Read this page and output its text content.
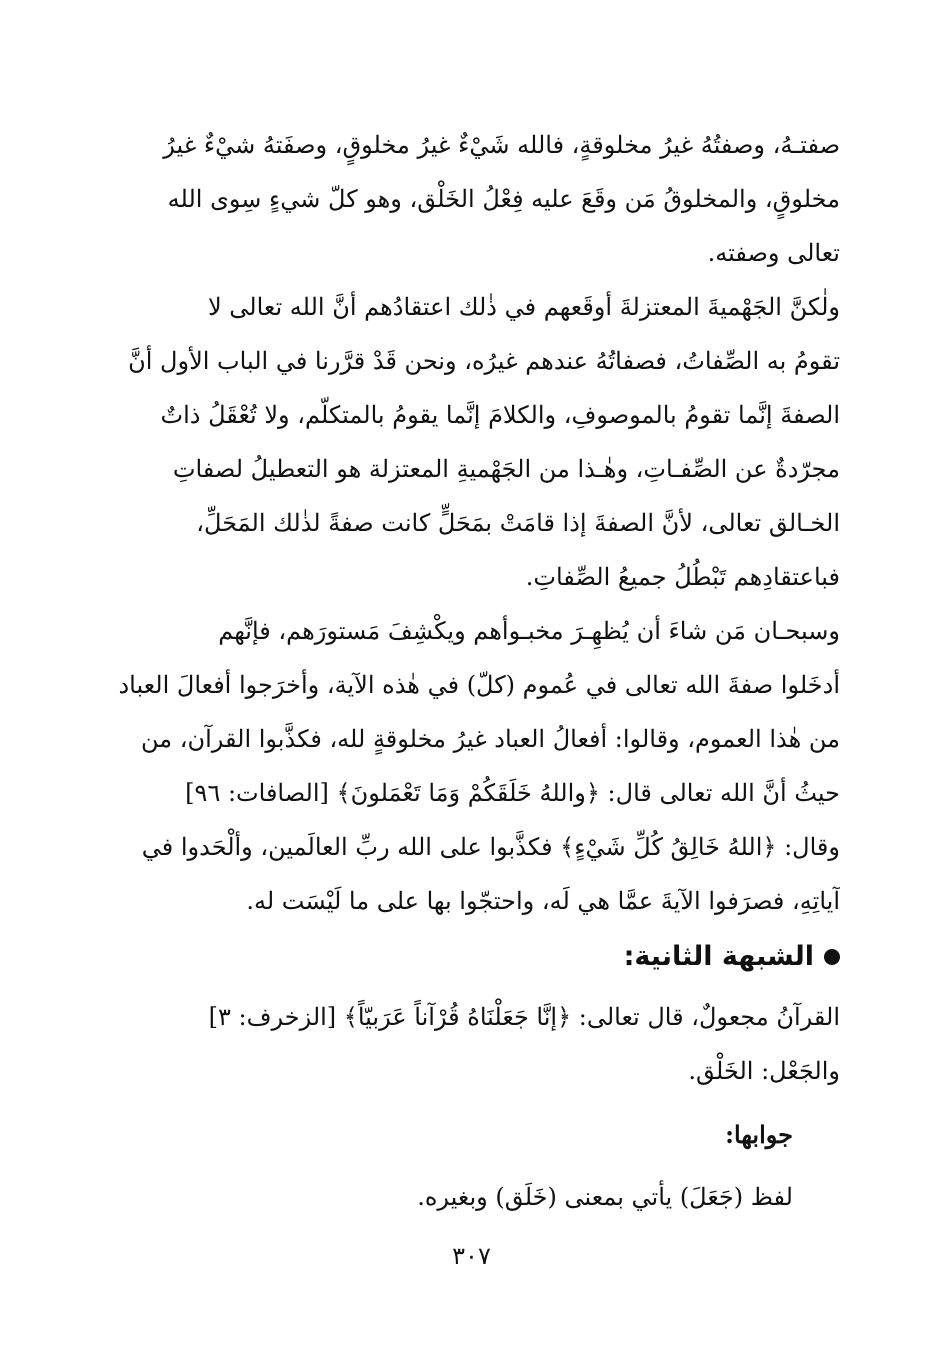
صفتـهُ، وصفتُهُ غيرُ مخلوقةٍ، فالله شَيْءٌ غيرُ مخلوقٍ، وصفَتهُ شيْءٌ غيرُ
مخلوقٍ، والمخلوقُ مَن وقَعَ عليه فِعْلُ الخَلْق، وهو كلّ شيءٍ سِوى الله
تعالى وصفته.
ولٰكنَّ الجَهْميةَ المعتزلةَ أوقَعهم في ذٰلك اعتقادُهم أنَّ الله تعالى لا
تقومُ به الصِّفاتُ، فصفاتُهُ عندهم غيرُه، ونحن قَدْ قرَّرنا في الباب الأول أنَّ
الصفةَ إنَّما تقومُ بالموصوفِ، والكلامَ إنَّما يقومُ بالمتكلّم، ولا تُعْقَلُ ذاتٌ
مجرّدةٌ عن الصِّفـاتِ، وهٰـذا من الجَهْميةِ المعتزلة هو التعطيلُ لصفاتِ
الخـالق تعالى، لأنَّ الصفةَ إذا قامَتْ بمَحَلٍّ كانت صفةً لذٰلك المَحَلِّ،
فباعتقادِهم تَبْطُلُ جميعُ الصِّفاتِ.
وسبحـان مَن شاءَ أن يُظهِـرَ مخبـوأهم ويكْشِفَ مَستورَهم، فإنَّهم
أدخَلوا صفةَ الله تعالى في عُموم (كلّ) في هٰذه الآية، وأخرَجوا أفعالَ العباد
من هٰذا العموم، وقالوا: أفعالُ العباد غيرُ مخلوقةٍ لله، فكذَّبوا القرآن، من
حيثُ أنَّ الله تعالى قال: ﴿واللهُ خَلَقَكُمْ وَمَا تَعْمَلونَ﴾ [الصافات: ٩٦]
وقال: ﴿اللهُ خَالِقُ كُلِّ شَيْءٍ﴾ فكذَّبوا على الله ربِّ العالَمين، وألْحَدوا في
آياتِهِ، فصرَفوا الآيةَ عمَّا هي لَه، واحتجّوا بها على ما لَيْسَت له.
الشبهة الثانية:
القرآنُ مجعولٌ، قال تعالى: ﴿إنَّا جَعَلْنَاهُ قُرْآناً عَرَبيّاً﴾ [الزخرف: ٣]
والجَعْل: الخَلْق.
جوابها:
لفظ (جَعَلَ) يأتي بمعنى (خَلَق) وبغيره.
٣٠٧
